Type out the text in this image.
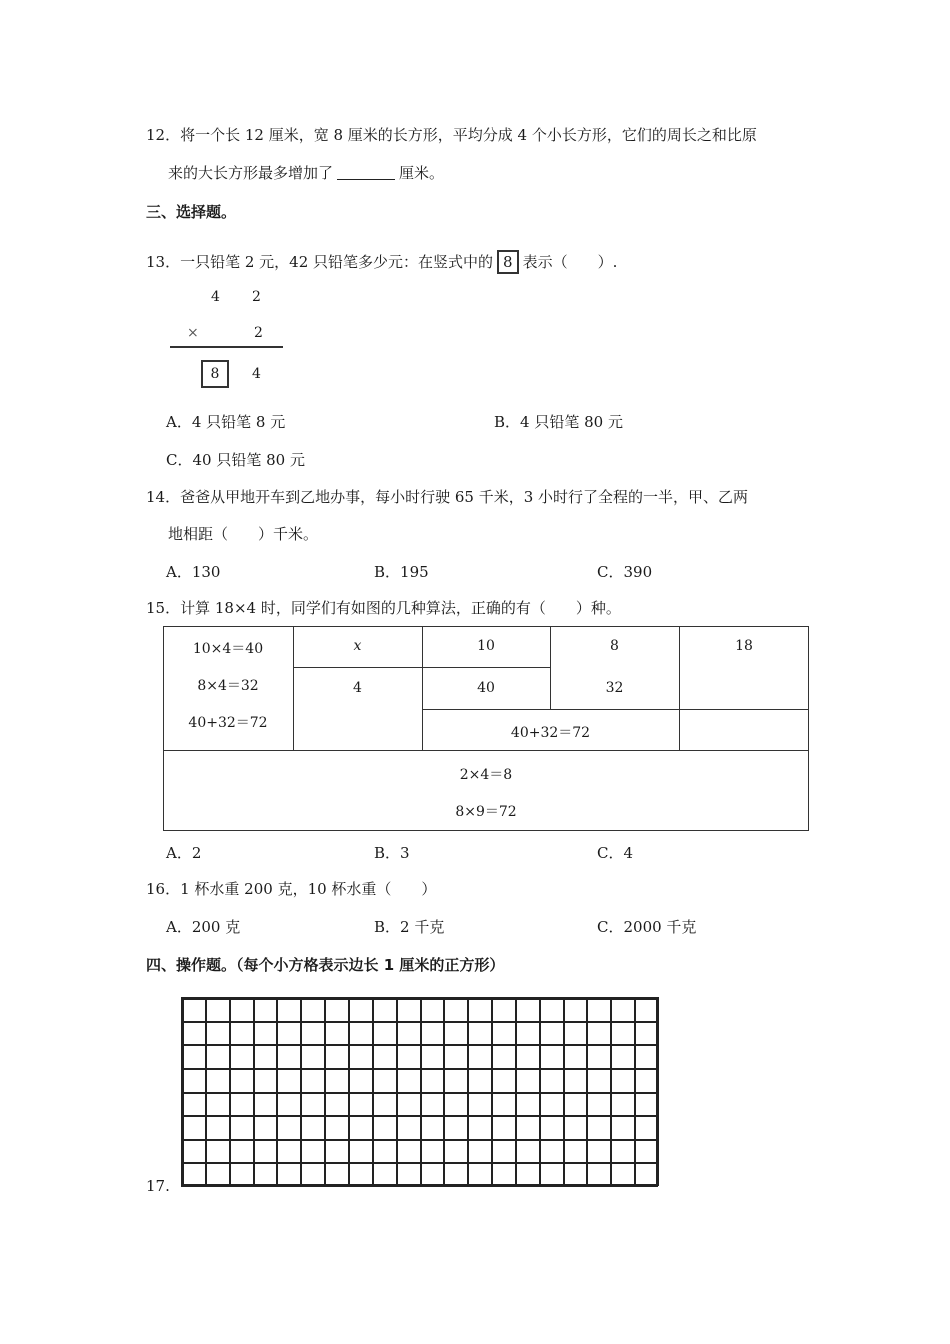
12．将一个长 12 厘米，宽 8 厘米的长方形，平均分成 4 个小长方形，它们的周长之和比原
来的大长方形最多增加了	厘米。
三、选择题。
13．一只铅笔 2 元，42 只铅笔多少元：在竖式中的 8 表示（　　）.
4 2
×	2
8	4
A．4 只铅笔 8 元	B．4 只铅笔 80 元
C．40 只铅笔 80 元
14．爸爸从甲地开车到乙地办事，每小时行驶 65 千米，3 小时行了全程的一半，甲、乙两
地相距（　　）千米。
A．130	B．195	C．390
15．计算 18×4 时，同学们有如图的几种算法，正确的有（　　）种。
10×4＝40
8×4＝32
40+32＝72
x	10	8
4	40	32
40+32＝72
18
2×4＝8
8×9＝72
A．2	B．3	C．4
16．1 杯水重 200 克，10 杯水重（　　）
A．200 克	B．2 千克	C．2000 千克
四、操作题。（每个小方格表示边长 1 厘米的正方形）
17.
